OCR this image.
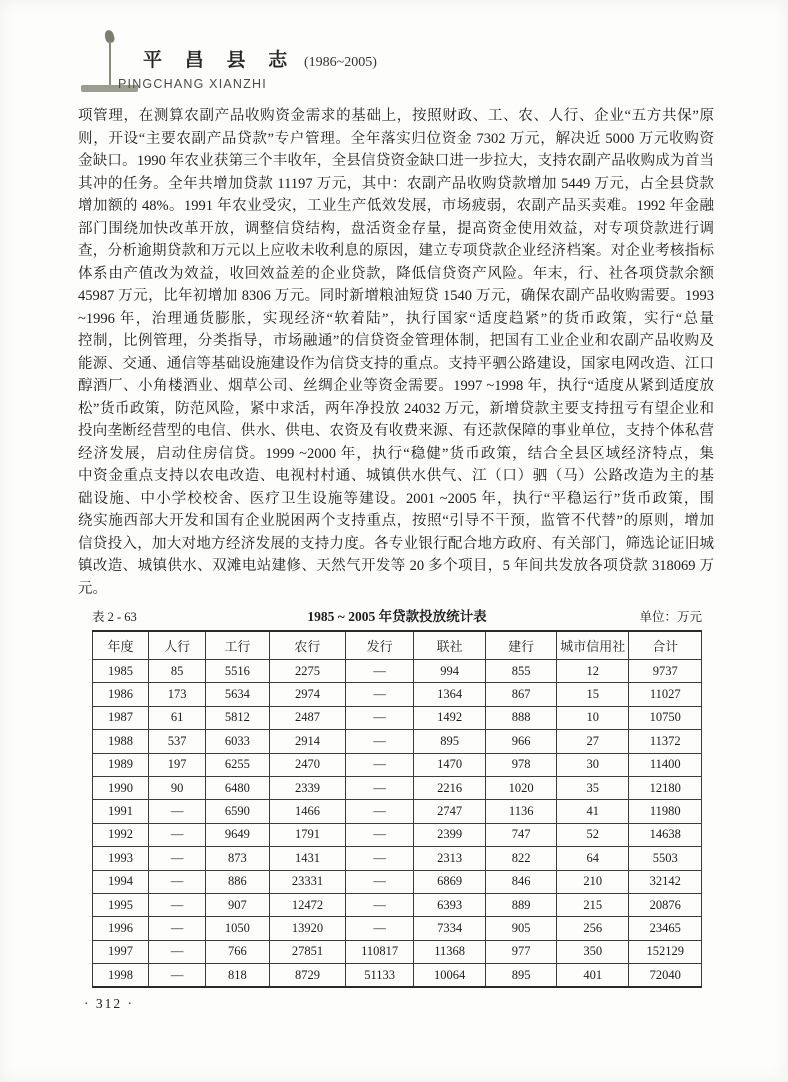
平 昌 县 志 (1986~2005)
PINGCHANG XIANZHI
项管理，在测算农副产品收购资金需求的基础上，按照财政、工、农、人行、企业“五方共保”原
则，开设“主要农副产品贷款”专户管理。全年落实归位资金 7302 万元，解决近 5000 万元收购资
金缺口。1990 年农业获第三个丰收年，全县信贷资金缺口进一步拉大，支持农副产品收购成为首当
其冲的任务。全年共增加贷款 11197 万元，其中：农副产品收购贷款增加 5449 万元，占全县贷款
增加额的 48%。1991 年农业受灾，工业生产低效发展，市场疲弱，农副产品买卖难。1992 年金融
部门围绕加快改革开放，调整信贷结构，盘活资金存量，提高资金使用效益，对专项贷款进行调
查，分析逾期贷款和万元以上应收未收利息的原因，建立专项贷款企业经济档案。对企业考核指标
体系由产值改为效益，收回效益差的企业贷款，降低信贷资产风险。年末，行、社各项贷款余额
45987 万元，比年初增加 8306 万元。同时新增粮油短贷 1540 万元，确保农副产品收购需要。1993
~1996 年，治理通货膨胀，实现经济“软着陆”，执行国家“适度趋紧”的货币政策，实行“总量
控制，比例管理，分类指导，市场融通”的信贷资金管理体制，把国有工业企业和农副产品收购及
能源、交通、通信等基础设施建设作为信贷支持的重点。支持平驷公路建设，国家电网改造、江口
醇酒厂、小角楼酒业、烟草公司、丝绸企业等资金需要。1997 ~1998 年，执行“适度从紧到适度放
松”货币政策，防范风险，紧中求活，两年净投放 24032 万元，新增贷款主要支持扭亏有望企业和
投向垄断经营型的电信、供水、供电、农资及有收费来源、有还款保障的事业单位，支持个体私营
经济发展，启动住房信贷。1999 ~2000 年，执行“稳健”货币政策，结合全县区域经济特点，集
中资金重点支持以农电改造、电视村村通、城镇供水供气、江（口）驷（马）公路改造为主的基
础设施、中小学校校舍、医疗卫生设施等建设。2001 ~2005 年，执行“平稳运行”货币政策，围
绕实施西部大开发和国有企业脱困两个支持重点，按照“引导不干预，监管不代替”的原则，增加
信贷投入，加大对地方经济发展的支持力度。各专业银行配合地方政府、有关部门，筛选论证旧城
镇改造、城镇供水、双滩电站建修、天然气开发等 20 多个项目，5 年间共发放各项贷款 318069 万
元。
表 2 - 63	1985 ~ 2005 年贷款投放统计表	单位：万元
年度	人行	工行	农行	发行	联社	建行	城市信用社	合计
1985	85	5516	2275	—	994	855	12	9737
1986	173	5634	2974	—	1364	867	15	11027
1987	61	5812	2487	—	1492	888	10	10750
1988	537	6033	2914	—	895	966	27	11372
1989	197	6255	2470	—	1470	978	30	11400
1990	90	6480	2339	—	2216	1020	35	12180
1991	—	6590	1466	—	2747	1136	41	11980
1992	—	9649	1791	—	2399	747	52	14638
1993	—	873	1431	—	2313	822	64	5503
1994	—	886	23331	—	6869	846	210	32142
1995	—	907	12472	—	6393	889	215	20876
1996	—	1050	13920	—	7334	905	256	23465
1997	—	766	27851	110817	11368	977	350	152129
1998	—	818	8729	51133	10064	895	401	72040
· 312 ·
